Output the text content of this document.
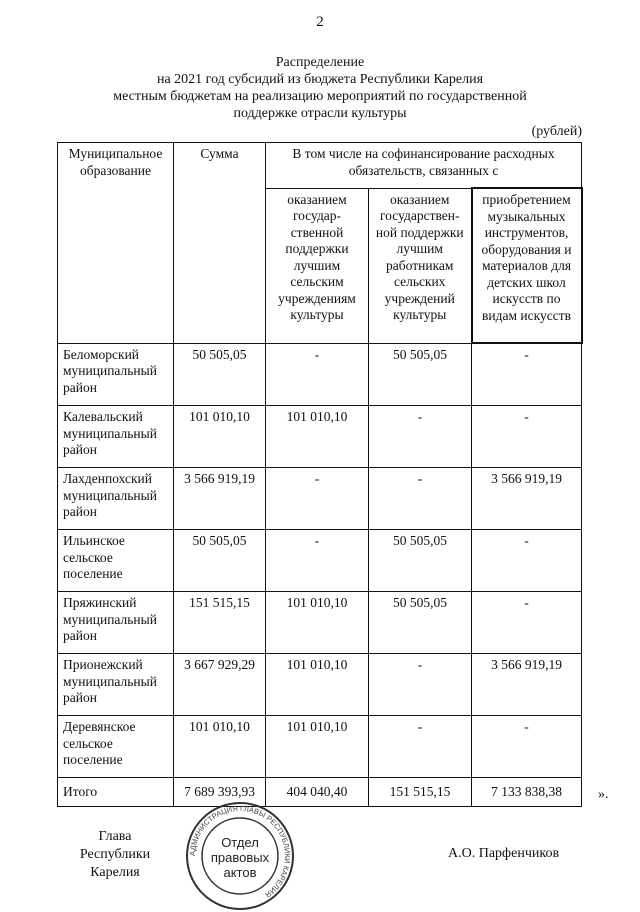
2
Распределение
на 2021 год субсидий из бюджета Республики Карелия
местным бюджетам на реализацию мероприятий по государственной
поддержке отрасли культуры
(рублей)
Муниципальное образование	Сумма	В том числе на софинансирование расходных обязательств, связанных с		
		оказанием государ-ственной поддержки лучшим сельским учреждениям культуры	оказанием государствен-ной поддержки лучшим работникам сельских учреждений культуры	приобретением музыкальных инструментов, оборудования и материалов для детских школ искусств по видам искусств
Беломорский муниципальный район	50 505,05	-	50 505,05	-
Калевальский муниципальный район	101 010,10	101 010,10	-	-
Лахденпохский муниципальный район	3 566 919,19	-	-	3 566 919,19
Ильинское сельское поселение	50 505,05	-	50 505,05	-
Пряжинский муниципальный район	151 515,15	101 010,10	50 505,05	-
Прионежский муниципальный район	3 667 929,29	101 010,10	-	3 566 919,19
Деревянское сельское поселение	101 010,10	101 010,10	-	-
Итого	7 689 393,93	404 040,40	151 515,15	7 133 838,38	».
Глава
Республики Карелия
АДМИНИСТРАЦИЯ ГЛАВЫ РЕСПУБЛИКИ КАРЕЛИЯ
Отдел
правовых
актов
А.О. Парфенчиков
